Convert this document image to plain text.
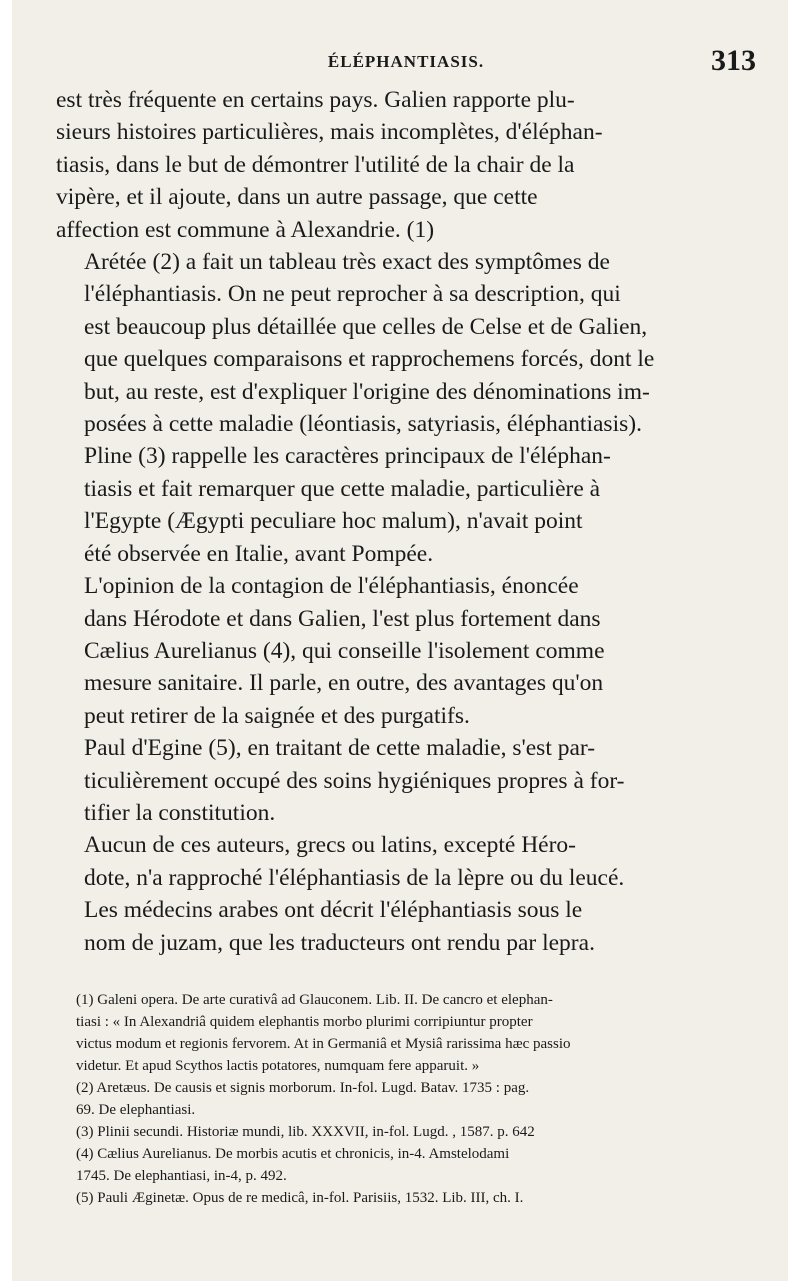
ÉLÉPHANTIASIS.	313

est très fréquente en certains pays. Galien rapporte plu-
sieurs histoires particulières, mais incomplètes, d'éléphan-
tiasis, dans le but de démontrer l'utilité de la chair de la
vipère, et il ajoute, dans un autre passage, que cette
affection est commune à Alexandrie. (1)

Arétée (2) a fait un tableau très exact des symptômes de
l'éléphantiasis. On ne peut reprocher à sa description, qui
est beaucoup plus détaillée que celles de Celse et de Galien,
que quelques comparaisons et rapprochemens forcés, dont le
but, au reste, est d'expliquer l'origine des dénominations im-
posées à cette maladie (léontiasis, satyriasis, éléphantiasis).

Pline (3) rappelle les caractères principaux de l'éléphan-
tiasis et fait remarquer que cette maladie, particulière à
l'Egypte (Ægypti peculiare hoc malum), n'avait point
été observée en Italie, avant Pompée.

L'opinion de la contagion de l'éléphantiasis, énoncée
dans Hérodote et dans Galien, l'est plus fortement dans
Cælius Aurelianus (4), qui conseille l'isolement comme
mesure sanitaire. Il parle, en outre, des avantages qu'on
peut retirer de la saignée et des purgatifs.

Paul d'Egine (5), en traitant de cette maladie, s'est par-
ticulièrement occupé des soins hygiéniques propres à for-
tifier la constitution.

Aucun de ces auteurs, grecs ou latins, excepté Héro-
dote, n'a rapproché l'éléphantiasis de la lèpre ou du leucé.

Les médecins arabes ont décrit l'éléphantiasis sous le
nom de juzam, que les traducteurs ont rendu par lepra.

(1) Galeni opera. De arte curativâ ad Glauconem. Lib. II. De cancro et elephan-
tiasi : « In Alexandriâ quidem elephantis morbo plurimi corripiuntur propter
victus modum et regionis fervorem. At in Germaniâ et Mysiâ rarissima hæc passio
videtur. Et apud Scythos lactis potatores, numquam fere apparuit. »

(2) Aretæus. De causis et signis morborum. In-fol. Lugd. Batav. 1735 : pag.
69. De elephantiasi.

(3) Plinii secundi. Historiæ mundi, lib. XXXVII, in-fol. Lugd. , 1587. p. 642

(4) Cælius Aurelianus. De morbis acutis et chronicis, in-4. Amstelodami
1745. De elephantiasi, in-4, p. 492.

(5) Pauli Æginetæ. Opus de re medicâ, in-fol. Parisiis, 1532. Lib. III, ch. I.
